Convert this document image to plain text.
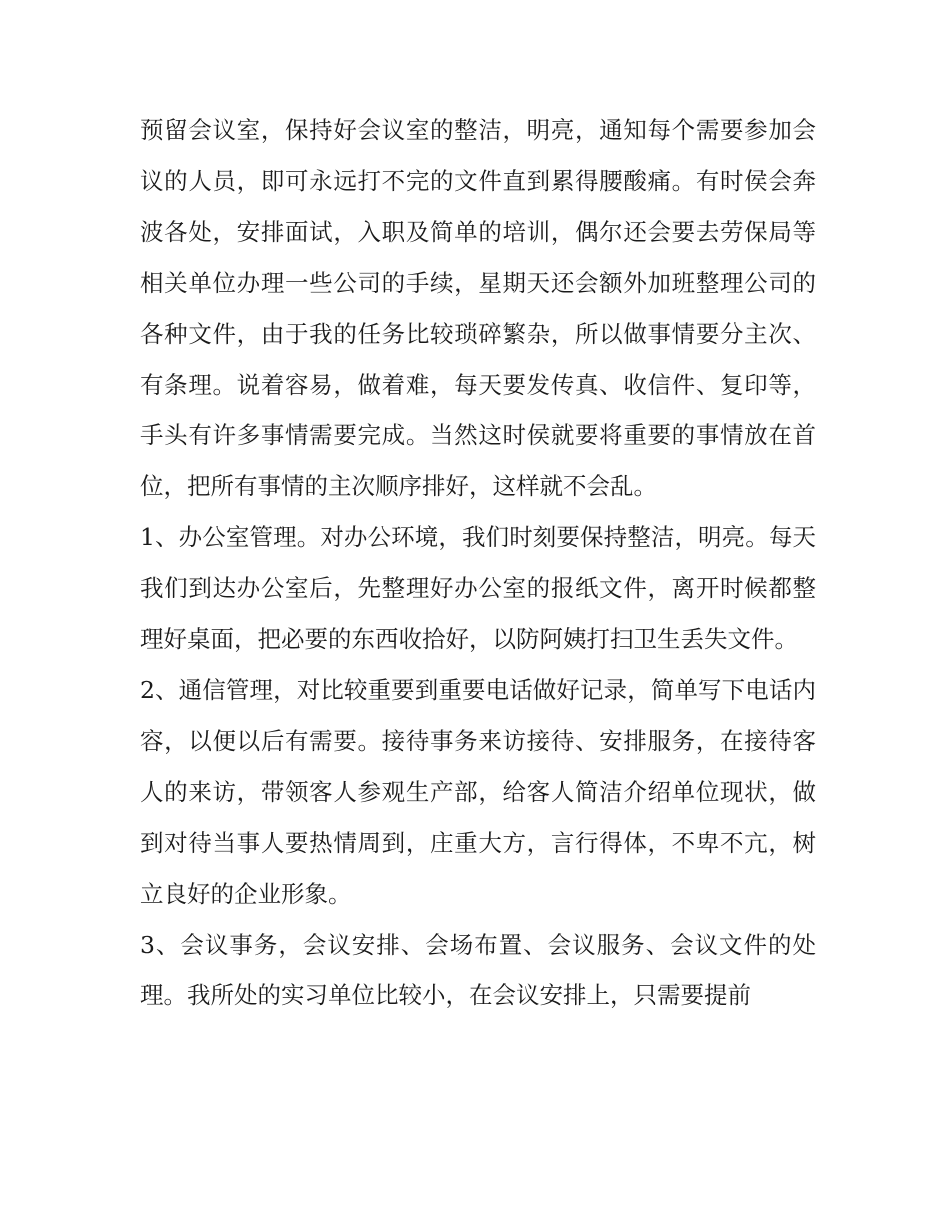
预留会议室，保持好会议室的整洁，明亮，通知每个需要参加会议的人员，即可永远打不完的文件直到累得腰酸痛。有时侯会奔波各处，安排面试，入职及简单的培训，偶尔还会要去劳保局等相关单位办理一些公司的手续，星期天还会额外加班整理公司的各种文件，由于我的任务比较琐碎繁杂，所以做事情要分主次、有条理。说着容易，做着难，每天要发传真、收信件、复印等，手头有许多事情需要完成。当然这时侯就要将重要的事情放在首位，把所有事情的主次顺序排好，这样就不会乱。

1、办公室管理。对办公环境，我们时刻要保持整洁，明亮。每天我们到达办公室后，先整理好办公室的报纸文件，离开时候都整理好桌面，把必要的东西收拾好，以防阿姨打扫卫生丢失文件。

2、通信管理，对比较重要到重要电话做好记录，简单写下电话内容，以便以后有需要。接待事务来访接待、安排服务，在接待客人的来访，带领客人参观生产部，给客人简洁介绍单位现状，做到对待当事人要热情周到，庄重大方，言行得体，不卑不亢，树立良好的企业形象。

3、会议事务，会议安排、会场布置、会议服务、会议文件的处理。我所处的实习单位比较小，在会议安排上，只需要提前
